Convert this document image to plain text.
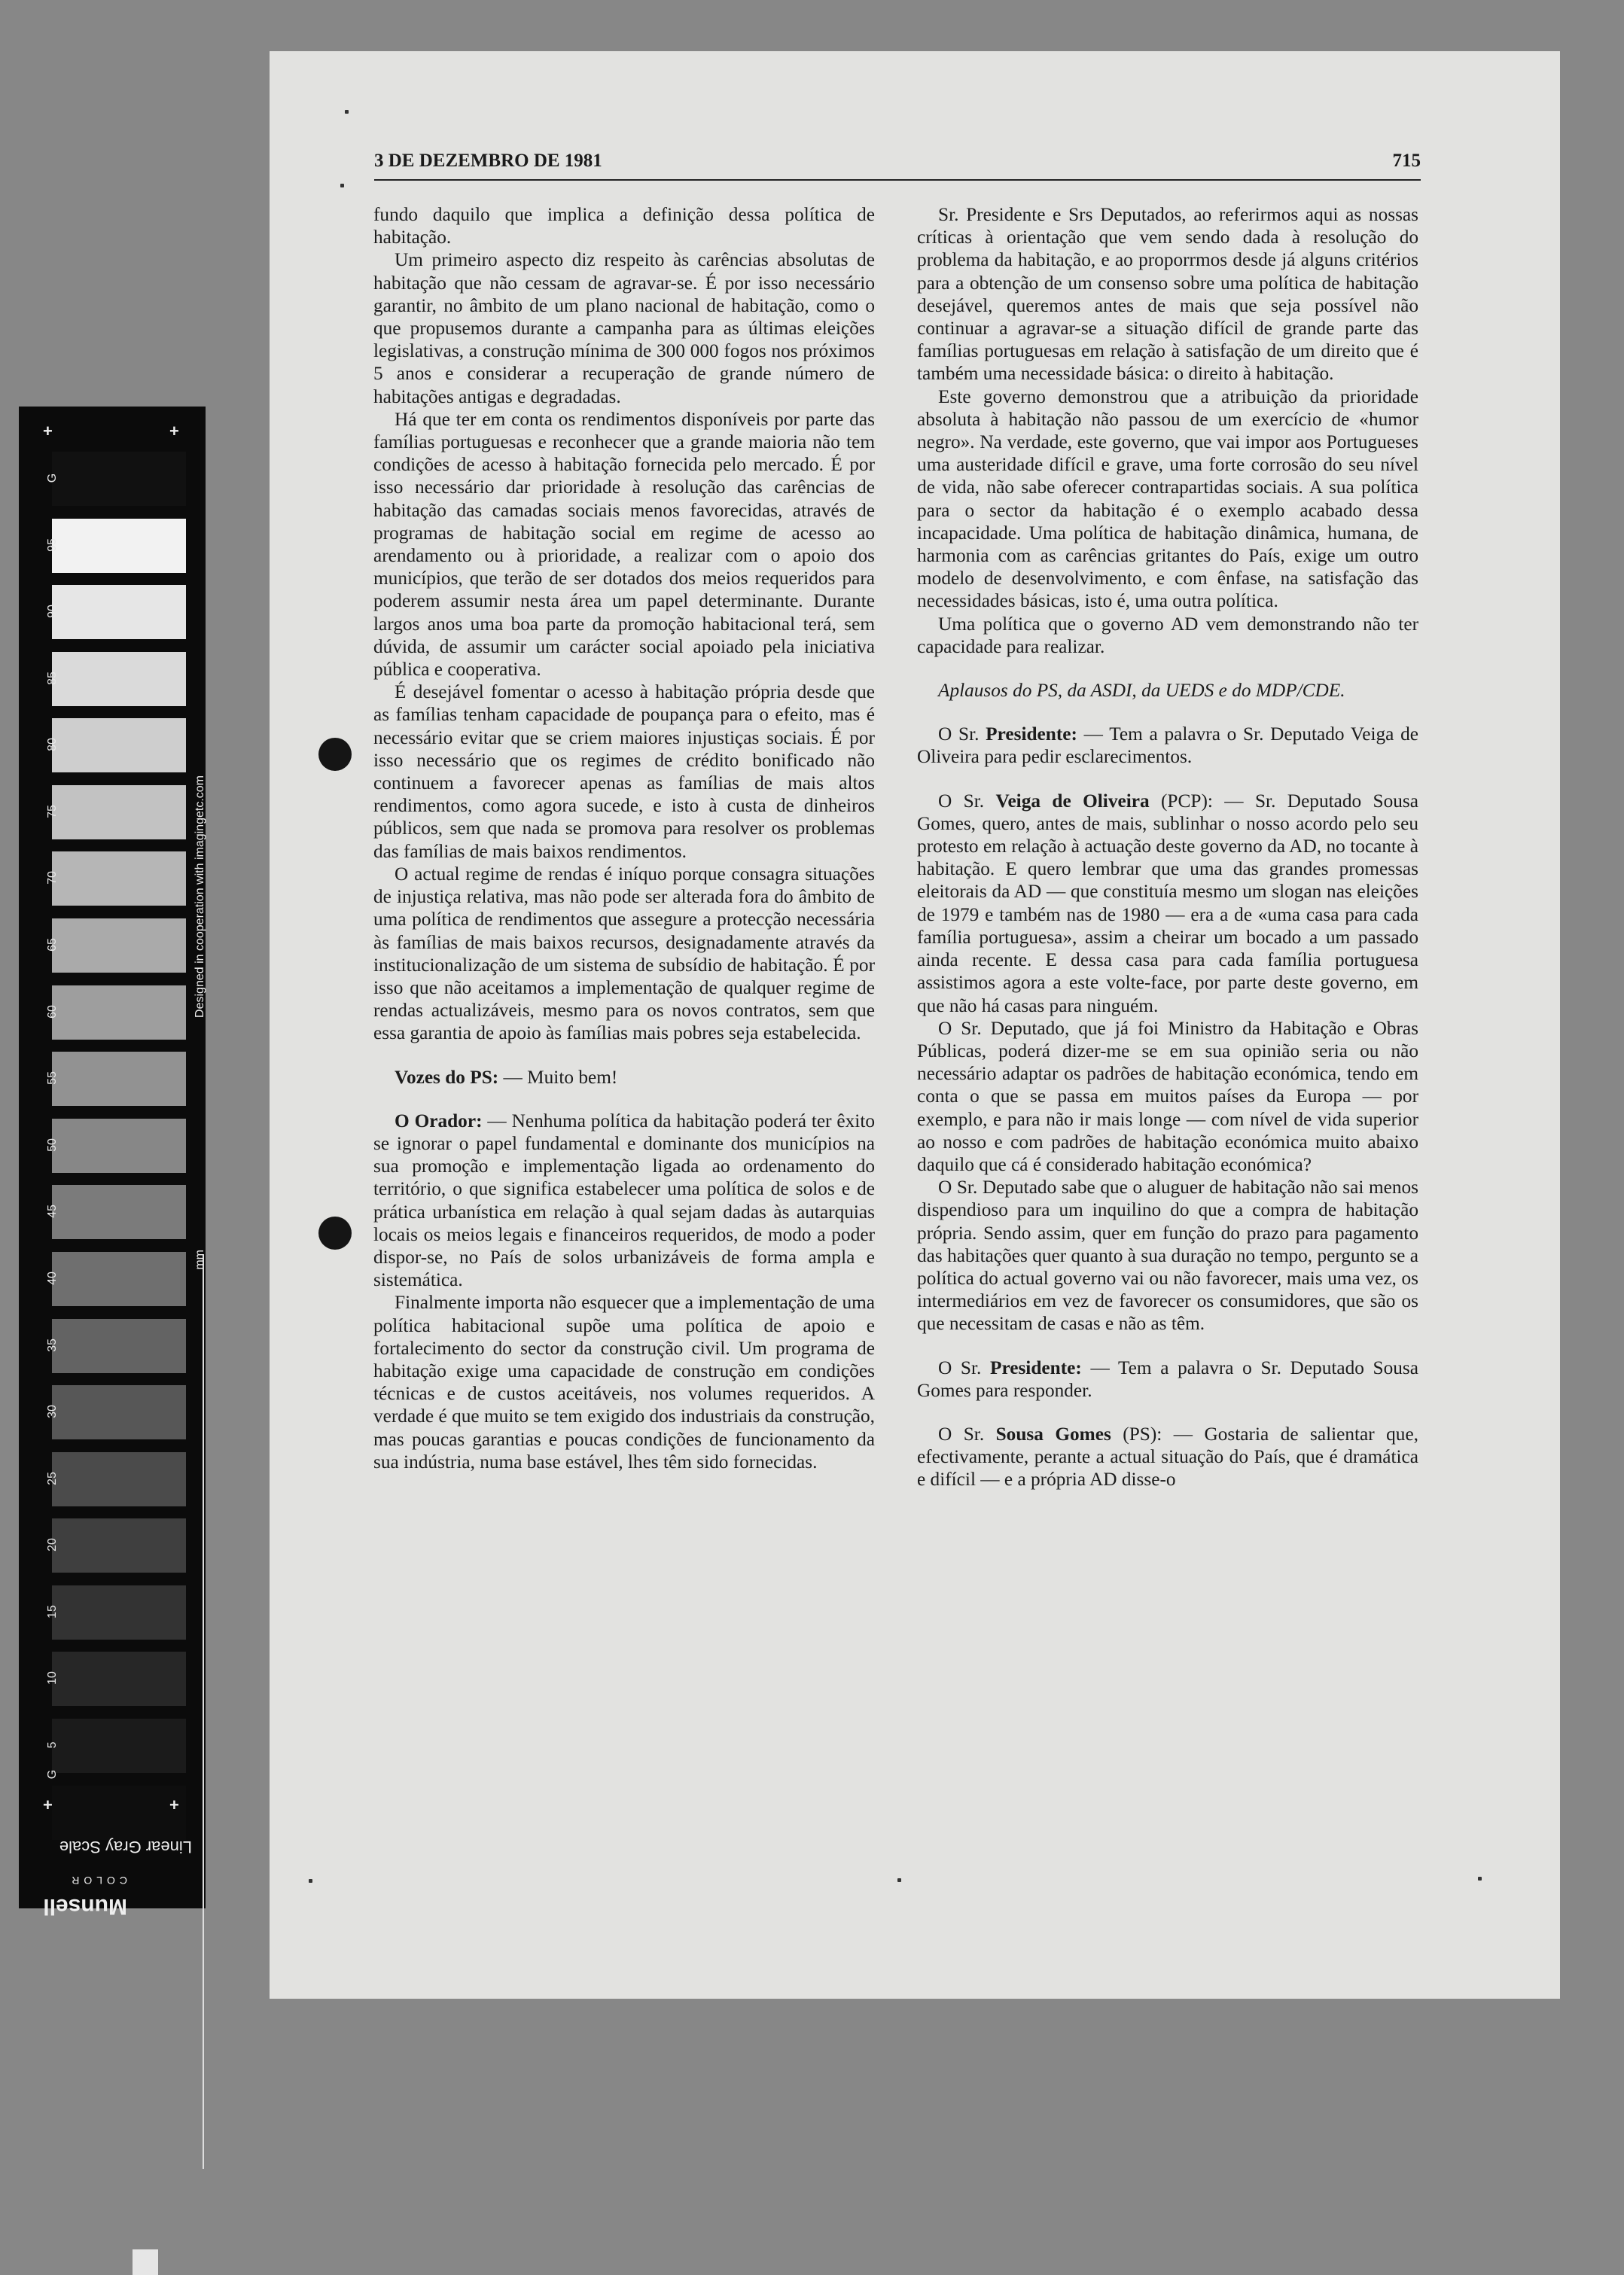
+	+
+	+
G
G
Designed in cooperation with imagingetc.com
mm
Linear Gray Scale
Munsell
COLOR
95
90
85
80
75
70
65
60
55
50
45
40
35
30
25
20
15
10
5
3 DE DEZEMBRO DE 1981	715

fundo daquilo que implica a definição dessa política de habitação.

Um primeiro aspecto diz respeito às carências absolutas de habitação que não cessam de agravar-se. É por isso necessário garantir, no âmbito de um plano nacional de habitação, como o que propusemos durante a campanha para as últimas eleições legislativas, a construção mínima de 300 000 fogos nos próximos 5 anos e considerar a recuperação de grande número de habitações antigas e degradadas.

Há que ter em conta os rendimentos disponíveis por parte das famílias portuguesas e reconhecer que a grande maioria não tem condições de acesso à habitação fornecida pelo mercado. É por isso necessário dar prioridade à resolução das carências de habitação das camadas sociais menos favorecidas, através de programas de habitação social em regime de acesso ao arendamento ou à prioridade, a realizar com o apoio dos municípios, que terão de ser dotados dos meios requeridos para poderem assumir nesta área um papel determinante. Durante largos anos uma boa parte da promoção habitacional terá, sem dúvida, de assumir um carácter social apoiado pela iniciativa pública e cooperativa.

É desejável fomentar o acesso à habitação própria desde que as famílias tenham capacidade de poupança para o efeito, mas é necessário evitar que se criem maiores injustiças sociais. É por isso necessário que os regimes de crédito bonificado não continuem a favorecer apenas as famílias de mais altos rendimentos, como agora sucede, e isto à custa de dinheiros públicos, sem que nada se promova para resolver os problemas das famílias de mais baixos rendimentos.

O actual regime de rendas é iníquo porque consagra situações de injustiça relativa, mas não pode ser alterada fora do âmbito de uma política de rendimentos que assegure a protecção necessária às famílias de mais baixos recursos, designadamente através da institucionalização de um sistema de subsídio de habitação. É por isso que não aceitamos a implementação de qualquer regime de rendas actualizáveis, mesmo para os novos contratos, sem que essa garantia de apoio às famílias mais pobres seja estabelecida.

Vozes do PS: — Muito bem!

O Orador: — Nenhuma política da habitação poderá ter êxito se ignorar o papel fundamental e dominante dos municípios na sua promoção e implementação ligada ao ordenamento do território, o que significa estabelecer uma política de solos e de prática urbanística em relação à qual sejam dadas às autarquias locais os meios legais e financeiros requeridos, de modo a poder dispor-se, no País de solos urbanizáveis de forma ampla e sistemática.

Finalmente importa não esquecer que a implementação de uma política habitacional supõe uma política de apoio e fortalecimento do sector da construção civil. Um programa de habitação exige uma capacidade de construção em condições técnicas e de custos aceitáveis, nos volumes requeridos. A verdade é que muito se tem exigido dos industriais da construção, mas poucas garantias e poucas condições de funcionamento da sua indústria, numa base estável, lhes têm sido fornecidas.

Sr. Presidente e Srs Deputados, ao referirmos aqui as nossas críticas à orientação que vem sendo dada à resolução do problema da habitação, e ao proporrmos desde já alguns critérios para a obtenção de um consenso sobre uma política de habitação desejável, queremos antes de mais que seja possível não continuar a agravar-se a situação difícil de grande parte das famílias portuguesas em relação à satisfação de um direito que é também uma necessidade básica: o direito à habitação.

Este governo demonstrou que a atribuição da prioridade absoluta à habitação não passou de um exercício de «humor negro». Na verdade, este governo, que vai impor aos Portugueses uma austeridade difícil e grave, uma forte corrosão do seu nível de vida, não sabe oferecer contrapartidas sociais. A sua política para o sector da habitação é o exemplo acabado dessa incapacidade. Uma política de habitação dinâmica, humana, de harmonia com as carências gritantes do País, exige um outro modelo de desenvolvimento, e com ênfase, na satisfação das necessidades básicas, isto é, uma outra política.

Uma política que o governo AD vem demonstrando não ter capacidade para realizar.

Aplausos do PS, da ASDI, da UEDS e do MDP/CDE.

O Sr. Presidente: — Tem a palavra o Sr. Deputado Veiga de Oliveira para pedir esclarecimentos.

O Sr. Veiga de Oliveira (PCP): — Sr. Deputado Sousa Gomes, quero, antes de mais, sublinhar o nosso acordo pelo seu protesto em relação à actuação deste governo da AD, no tocante à habitação. E quero lembrar que uma das grandes promessas eleitorais da AD — que constituía mesmo um slogan nas eleições de 1979 e também nas de 1980 — era a de «uma casa para cada família portuguesa», assim a cheirar um bocado a um passado ainda recente. E dessa casa para cada família portuguesa assistimos agora a este volte-face, por parte deste governo, em que não há casas para ninguém.

O Sr. Deputado, que já foi Ministro da Habitação e Obras Públicas, poderá dizer-me se em sua opinião seria ou não necessário adaptar os padrões de habitação económica, tendo em conta o que se passa em muitos países da Europa — por exemplo, e para não ir mais longe — com nível de vida superior ao nosso e com padrões de habitação económica muito abaixo daquilo que cá é considerado habitação económica?

O Sr. Deputado sabe que o aluguer de habitação não sai menos dispendioso para um inquilino do que a compra de habitação própria. Sendo assim, quer em função do prazo para pagamento das habitações quer quanto à sua duração no tempo, pergunto se a política do actual governo vai ou não favorecer, mais uma vez, os intermediários em vez de favorecer os consumidores, que são os que necessitam de casas e não as têm.

O Sr. Presidente: — Tem a palavra o Sr. Deputado Sousa Gomes para responder.

O Sr. Sousa Gomes (PS): — Gostaria de salientar que, efectivamente, perante a actual situação do País, que é dramática e difícil — e a própria AD disse-o
